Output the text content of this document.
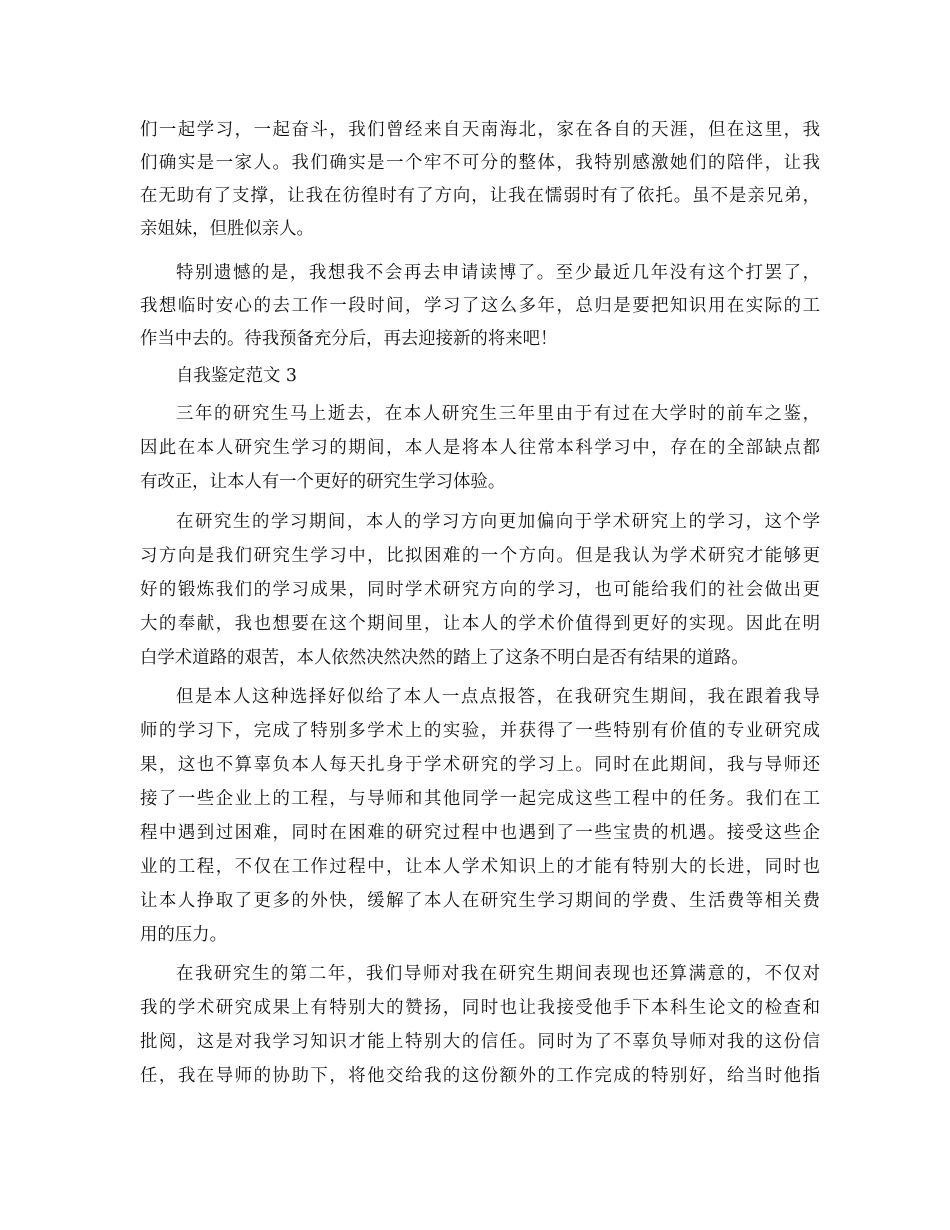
们一起学习，一起奋斗，我们曾经来自天南海北，家在各自的天涯，但在这里，我

们确实是一家人。我们确实是一个牢不可分的整体，我特别感激她们的陪伴，让我

在无助有了支撑，让我在彷徨时有了方向，让我在懦弱时有了依托。虽不是亲兄弟，

亲姐妹，但胜似亲人。

特别遗憾的是，我想我不会再去申请读博了。至少最近几年没有这个打罢了，

我想临时安心的去工作一段时间，学习了这么多年，总归是要把知识用在实际的工

作当中去的。待我预备充分后，再去迎接新的将来吧！

自我鉴定范文 3

三年的研究生马上逝去，在本人研究生三年里由于有过在大学时的前车之鉴，

因此在本人研究生学习的期间，本人是将本人往常本科学习中，存在的全部缺点都

有改正，让本人有一个更好的研究生学习体验。

在研究生的学习期间，本人的学习方向更加偏向于学术研究上的学习，这个学

习方向是我们研究生学习中，比拟困难的一个方向。但是我认为学术研究才能够更

好的锻炼我们的学习成果，同时学术研究方向的学习，也可能给我们的社会做出更

大的奉献，我也想要在这个期间里，让本人的学术价值得到更好的实现。因此在明

白学术道路的艰苦，本人依然决然决然的踏上了这条不明白是否有结果的道路。

但是本人这种选择好似给了本人一点点报答，在我研究生期间，我在跟着我导

师的学习下，完成了特别多学术上的实验，并获得了一些特别有价值的专业研究成

果，这也不算辜负本人每天扎身于学术研究的学习上。同时在此期间，我与导师还

接了一些企业上的工程，与导师和其他同学一起完成这些工程中的任务。我们在工

程中遇到过困难，同时在困难的研究过程中也遇到了一些宝贵的机遇。接受这些企

业的工程，不仅在工作过程中，让本人学术知识上的才能有特别大的长进，同时也

让本人挣取了更多的外快，缓解了本人在研究生学习期间的学费、生活费等相关费

用的压力。

在我研究生的第二年，我们导师对我在研究生期间表现也还算满意的，不仅对

我的学术研究成果上有特别大的赞扬，同时也让我接受他手下本科生论文的检查和

批阅，这是对我学习知识才能上特别大的信任。同时为了不辜负导师对我的这份信

任，我在导师的协助下，将他交给我的这份额外的工作完成的特别好，给当时他指
